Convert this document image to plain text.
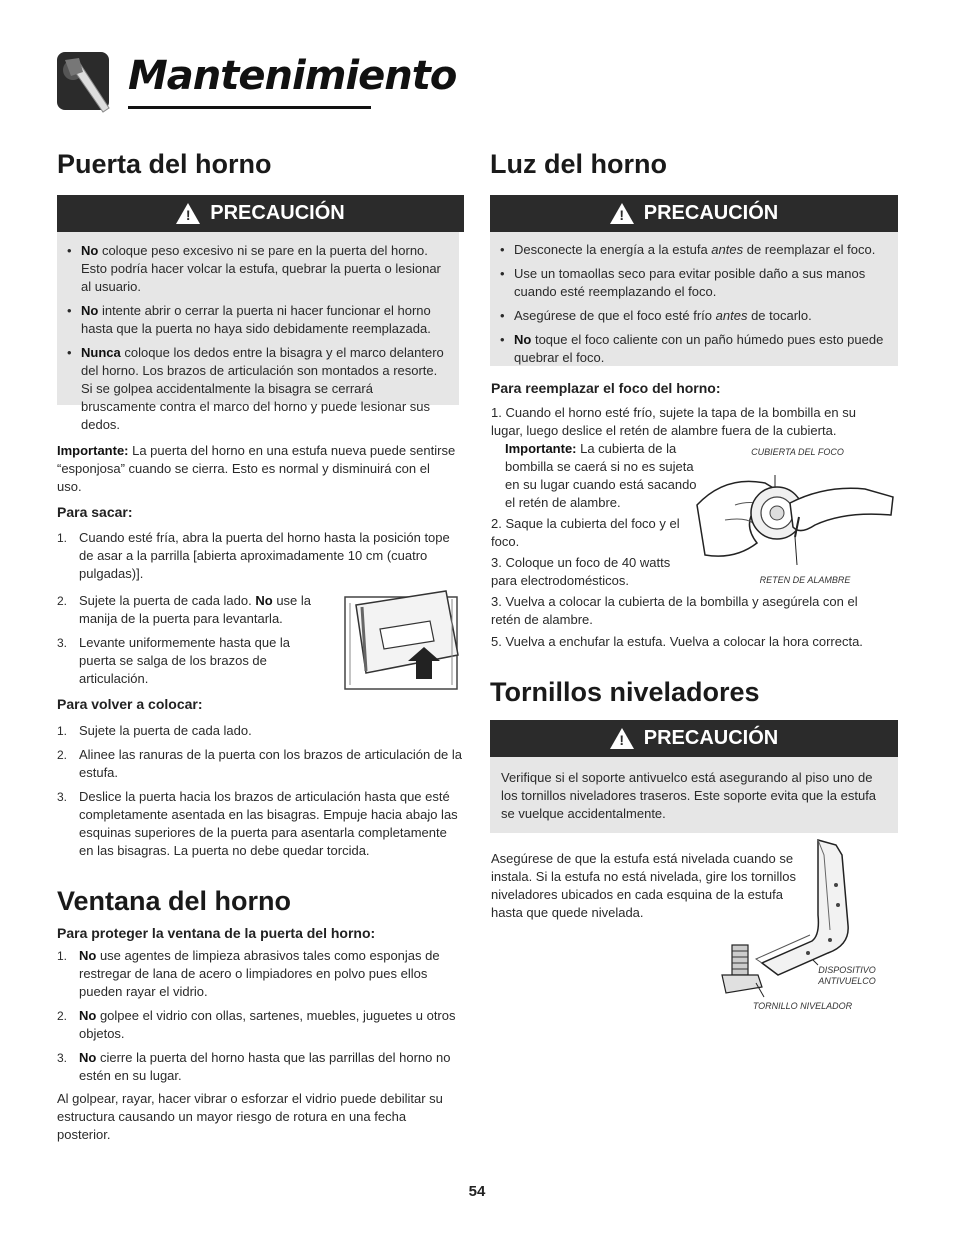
Mantenimiento
Puerta del horno
! PRECAUCIÓN
• No coloque peso excesivo ni se pare en la puerta del horno. Esto podría hacer volcar la estufa, quebrar la puerta o lesionar al usuario.
• No intente abrir o cerrar la puerta ni hacer funcionar el horno hasta que la puerta no haya sido debidamente reemplazada.
• Nunca coloque los dedos entre la bisagra y el marco delantero del horno. Los brazos de articulación son montados a resorte. Si se golpea accidentalmente la bisagra se cerrará bruscamente contra el marco del horno y puede lesionar sus dedos.
Importante: La puerta del horno en una estufa nueva puede sentirse “esponjosa” cuando se cierra. Esto es normal y disminuirá con el uso.
Para sacar:
1. Cuando esté fría, abra la puerta del horno hasta la posición tope de asar a la parrilla [abierta aproximadamente 10 cm (cuatro pulgadas)].
2. Sujete la puerta de cada lado. No use la manija de la puerta para levantarla.
3. Levante uniformemente hasta que la puerta se salga de los brazos de articulación.
Para volver a colocar:
1. Sujete la puerta de cada lado.
2. Alinee las ranuras de la puerta con los brazos de articulación de la estufa.
3. Deslice la puerta hacia los brazos de articulación hasta que esté completamente asentada en las bisagras. Empuje hacia abajo las esquinas superiores de la puerta para asentarla completamente en las bisagras. La puerta no debe quedar torcida.
Ventana del horno
Para proteger la ventana de la puerta del horno:
1. No use agentes de limpieza abrasivos tales como esponjas de restregar de lana de acero o limpiadores en polvo pues ellos pueden rayar el vidrio.
2. No golpee el vidrio con ollas, sartenes, muebles, juguetes u otros objetos.
3. No cierre la puerta del horno hasta que las parrillas del horno no estén en su lugar.
Al golpear, rayar, hacer vibrar o esforzar el vidrio puede debilitar su estructura causando un mayor riesgo de rotura en una fecha posterior.
Luz del horno
! PRECAUCIÓN
• Desconecte la energía a la estufa antes de reemplazar el foco.
• Use un tomaollas seco para evitar posible daño a sus manos cuando esté reemplazando el foco.
• Asegúrese de que el foco esté frío antes de tocarlo.
• No toque el foco caliente con un paño húmedo pues esto puede quebrar el foco.
Para reemplazar el foco del horno:
1. Cuando el horno esté frío, sujete la tapa de la bombilla en su lugar, luego deslice el retén de alambre fuera de la cubierta.
Importante: La cubierta de la bombilla se caerá si no es sujeta en su lugar cuando está sacando el retén de alambre.
2. Saque la cubierta del foco y el foco.
3. Coloque un foco de 40 watts para electrodomésticos.
3. Vuelva a colocar la cubierta de la bombilla y asegúrela con el retén de alambre.
5. Vuelva a enchufar la estufa. Vuelva a colocar la hora correcta.
CUBIERTA DEL FOCO
RETEN DE ALAMBRE
Tornillos niveladores
! PRECAUCIÓN
Verifique si el soporte antivuelco está asegurando al piso uno de los tornillos niveladores traseros. Este soporte evita que la estufa se vuelque accidentalmente.
Asegúrese de que la estufa está nivelada cuando se instala. Si la estufa no está nivelada, gire los tornillos niveladores ubicados en cada esquina de la estufa hasta que quede nivelada.
DISPOSITIVO ANTIVUELCO
TORNILLO NIVELADOR
54
